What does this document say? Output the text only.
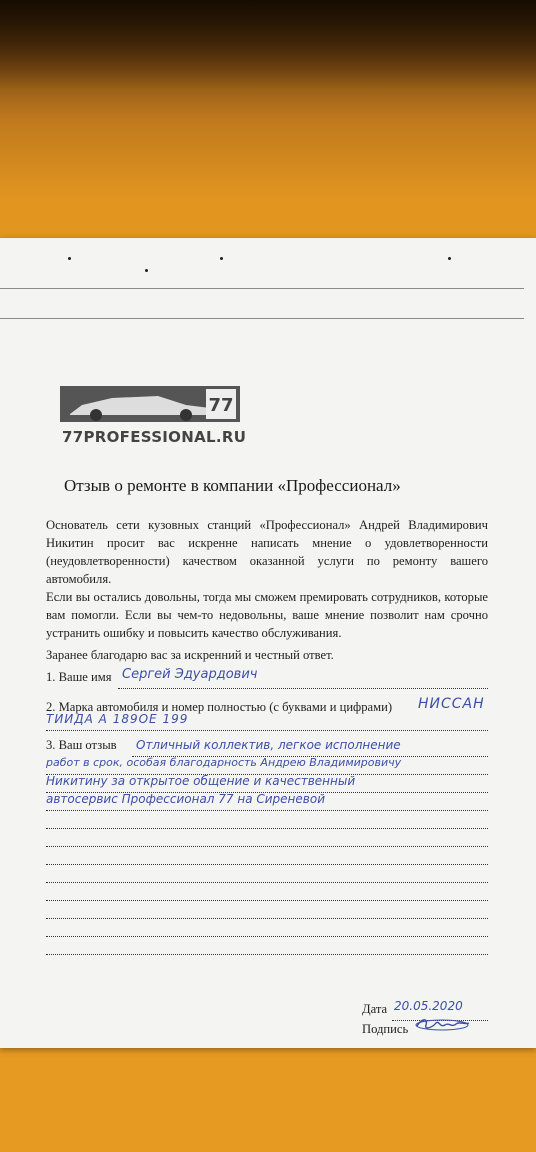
77
77PROFESSIONAL.RU
Отзыв о ремонте в компании «Профессионал»
Основатель сети кузовных станций «Профессионал» Андрей Владимирович Никитин просит вас искренне написать мнение о удовлетворенности (неудовлетворенности) качеством оказанной услуги по ремонту вашего автомобиля.
Если вы остались довольны, тогда мы сможем премировать сотрудников, которые вам помогли. Если вы чем-то недовольны, ваше мнение позволит нам срочно устранить ошибку и повысить качество обслуживания.
Заранее благодарю вас за искренний и честный ответ.
1. Ваше имя Сергей Эдуардович
2. Марка автомобиля и номер полностью (с буквами и цифрами) НИССАН
ТИИДА А 189ОЕ 199
3. Ваш отзыв Отличный коллектив, легкое исполнение
работ в срок, особая благодарность Андрею Владимировичу
Никитину за открытое общение и качественный
автосервис Профессионал 77 на Сиреневой
Дата 20.05.2020
Подпись
